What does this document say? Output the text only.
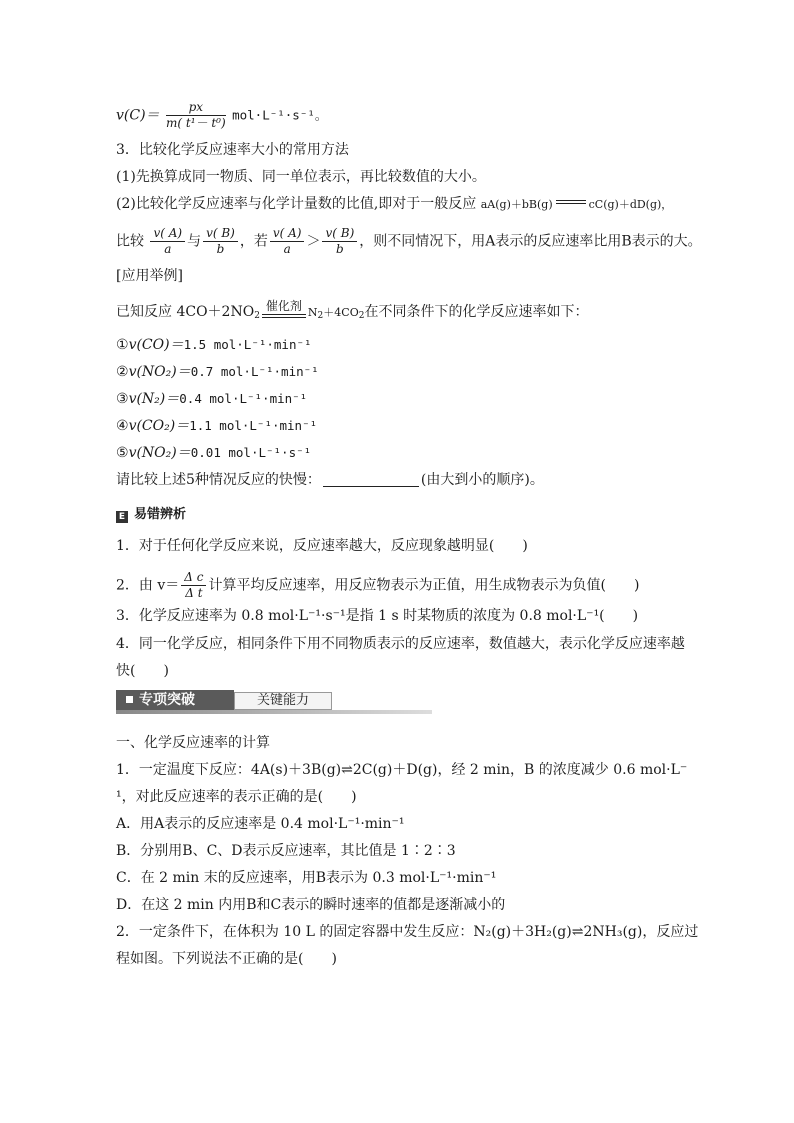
$v(C)= \frac{px}{\text{m( t¹－ t⁰)}} mol\cdot L^{-1}\cdot s^{-1}$。
3．比较化学反应速率大小的常用方法
(1)先换算成同一物质、同一单位表示，再比较数值的大小。
(2)比较化学反应速率与化学计量数的比值,即对于一般反应 aA(g)＋bB(g)	cC(g)＋dD(g)，
比较 $\frac{v( A)}{a}$ 与 $\frac{v( B)}{b}$ ，若 $\frac{v( A)}{a} > \frac{v( B)}{b}$ ，则不同情况下，用A表示的反应速率比用B表示的大。
[应用举例]
已知反应 $4CO+2NO_2$
催化剂 $N_2+4CO_2$在不同条件下的化学反应速率如下：
①v(CO)＝1.5 mol·L⁻¹·min⁻¹
②v(NO₂)＝0.7 mol·L⁻¹·min⁻¹
③v(N₂)＝0.4 mol·L⁻¹·min⁻¹
④v(CO₂)＝1.1 mol·L⁻¹·min⁻¹
⑤v(NO₂)＝0.01 mol·L⁻¹·s⁻¹
请比较上述5种情况反应的快慢：	(由大到小的顺序)。
E 易错辨析
1．对于任何化学反应来说，反应速率越大，反应现象越明显(　　)
2．由 $v= \frac{\text{Δ c}}{\text{Δ t}}$ 计算平均反应速率，用反应物表示为正值，用生成物表示为负值(　　)
3．化学反应速率为 0.8 mol·L⁻¹·s⁻¹是指 1 s 时某物质的浓度为 0.8 mol·L⁻¹(　　)
4．同一化学反应，相同条件下用不同物质表示的反应速率，数值越大，表示化学反应速率越
快(　　)
专项突破	关键能力
一、化学反应速率的计算
1．一定温度下反应：4A(s)＋3B(g)⇌2C(g)＋D(g)，经 2 min，B 的浓度减少 0.6 mol·L⁻
¹，对此反应速率的表示正确的是(　　)
A．用A表示的反应速率是 0.4 mol·L⁻¹·min⁻¹
B．分别用B、C、D表示反应速率，其比值是 1∶2∶3
C．在 2 min 末的反应速率，用B表示为 0.3 mol·L⁻¹·min⁻¹
D．在这 2 min 内用B和C表示的瞬时速率的值都是逐渐减小的
2．一定条件下，在体积为 10 L 的固定容器中发生反应：N₂(g)＋3H₂(g)⇌2NH₃(g)，反应过
程如图。下列说法不正确的是(　　)
